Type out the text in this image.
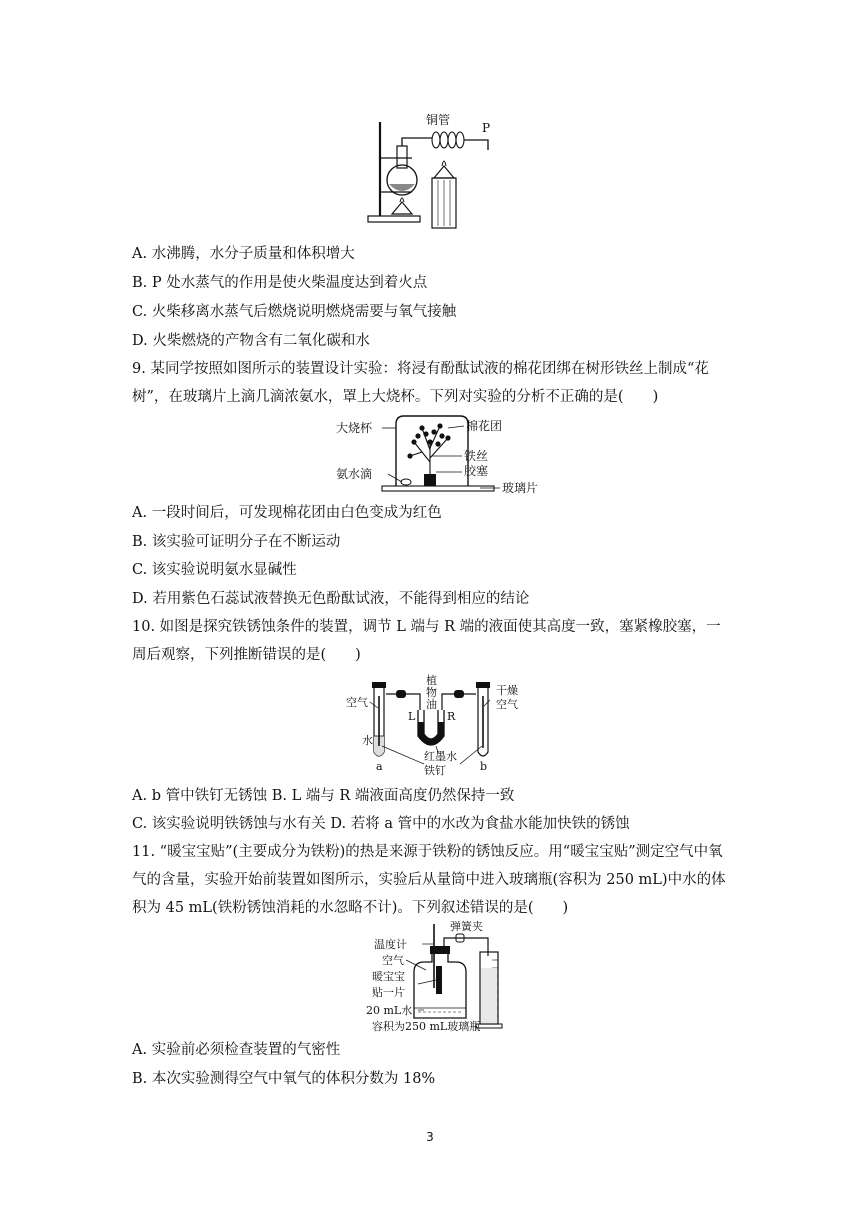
铜管
P
A. 水沸腾，水分子质量和体积增大
B. P 处水蒸气的作用是使火柴温度达到着火点
C. 火柴移离水蒸气后燃烧说明燃烧需要与氧气接触
D. 火柴燃烧的产物含有二氧化碳和水
9. 某同学按照如图所示的装置设计实验：将浸有酚酞试液的棉花团绑在树形铁丝上制成“花
树”，在玻璃片上滴几滴浓氨水，罩上大烧杯。下列对实验的分析不正确的是(　　)
大烧杯
氨水滴
棉花团
铁丝
胶塞
玻璃片
A. 一段时间后，可发现棉花团由白色变成为红色
B. 该实验可证明分子在不断运动
C. 该实验说明氨水显碱性
D. 若用紫色石蕊试液替换无色酚酞试液，不能得到相应的结论
10. 如图是探究铁锈蚀条件的装置，调节 L 端与 R 端的液面使其高度一致，塞紧橡胶塞，一
周后观察，下列推断错误的是(　　)
空气
水
植
物
油
L	R
干燥
空气
红墨水
铁钉
a	b
A. b 管中铁钉无锈蚀 B. L 端与 R 端液面高度仍然保持一致
C. 该实验说明铁锈蚀与水有关 D. 若将 a 管中的水改为食盐水能加快铁的锈蚀
11. “暖宝宝贴”(主要成分为铁粉)的热是来源于铁粉的锈蚀反应。用“暖宝宝贴”测定空气中氧
气的含量，实验开始前装置如图所示，实验后从量筒中进入玻璃瓶(容积为 250 mL)中水的体
积为 45 mL(铁粉锈蚀消耗的水忽略不计)。下列叙述错误的是(　　)
弹簧夹
温度计
空气
暖宝宝
贴一片
20 mL水
容积为250 mL玻璃瓶
A. 实验前必须检查装置的气密性
B. 本次实验测得空气中氧气的体积分数为 18%
3
